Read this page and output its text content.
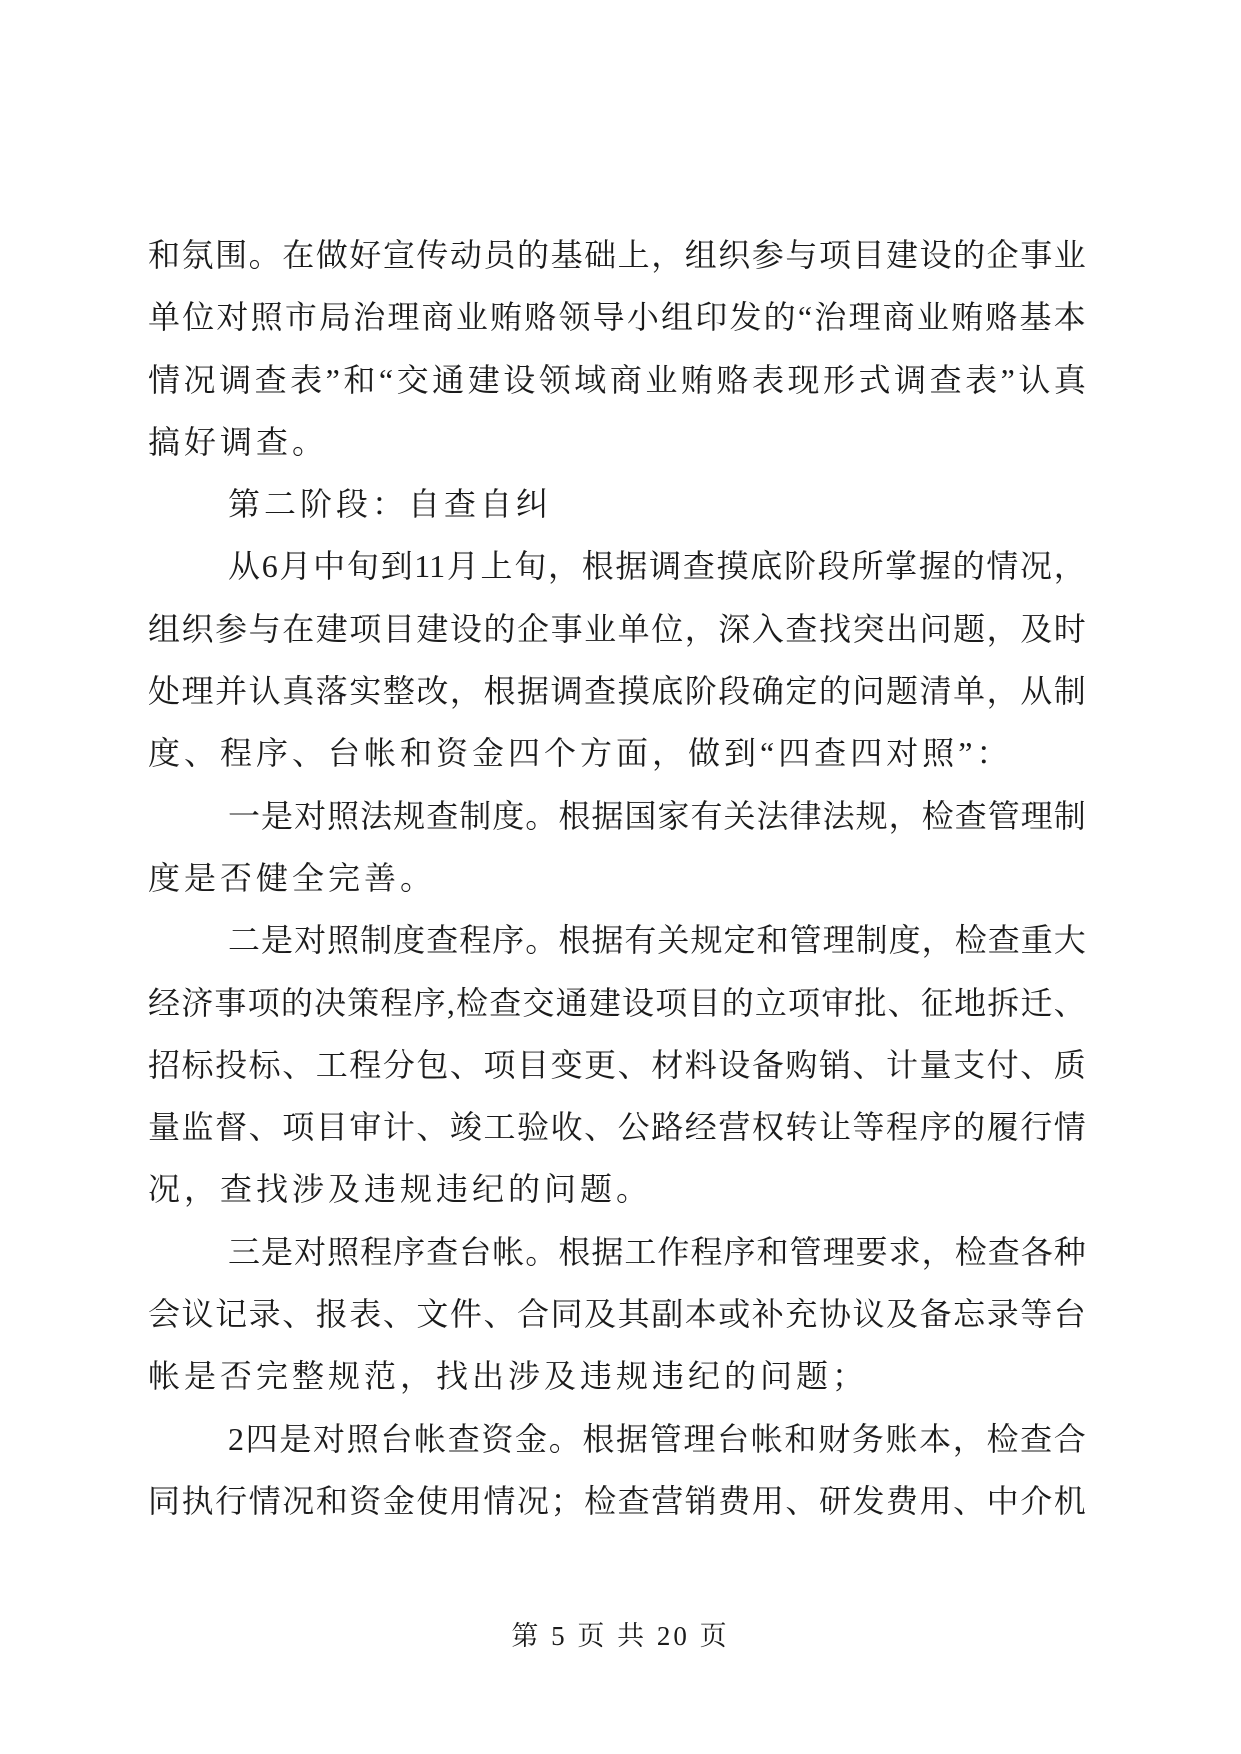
和 氛 围 。 在 做 好 宣 传 动 员 的 基 础 上 ， 组 织 参 与 项 目 建 设 的 企 事 业
单 位 对 照 市 局 治 理 商 业 贿 赂 领 导 小 组 印 发 的 “ 治 理 商 业 贿 赂 基 本
情 况 调 查 表 ” 和 “ 交 通 建 设 领 域 商 业 贿 赂 表 现 形 式 调 查 表 ” 认 真
搞好调查。
第二阶段：自查自纠
从 6 月 中 旬 到 11 月 上 旬 ， 根 据 调 查 摸 底 阶 段 所 掌 握 的 情 况 ，
组 织 参 与 在 建 项 目 建 设 的 企 事 业 单 位 ， 深 入 查 找 突 出 问 题 ， 及 时
处 理 并 认 真 落 实 整 改 ， 根 据 调 查 摸 底 阶 段 确 定 的 问 题 清 单 ， 从 制
度、程序、台帐和资金四个方面，做到“四查四对照”：
一 是 对 照 法 规 查 制 度 。 根 据 国 家 有 关 法 律 法 规 ， 检 查 管 理 制
度是否健全完善。
二 是 对 照 制 度 查 程 序 。 根 据 有 关 规 定 和 管 理 制 度 ， 检 查 重 大
经 济 事 项 的 决 策 程 序 , 检 查 交 通 建 设 项 目 的 立 项 审 批 、 征 地 拆 迁 、
招 标 投 标 、 工 程 分 包 、 项 目 变 更 、 材 料 设 备 购 销 、 计 量 支 付 、 质
量 监 督 、 项 目 审 计 、 竣 工 验 收 、 公 路 经 营 权 转 让 等 程 序 的 履 行 情
况，查找涉及违规违纪的问题。
三 是 对 照 程 序 查 台 帐 。 根 据 工 作 程 序 和 管 理 要 求 ， 检 查 各 种
会 议 记 录 、 报 表 、 文 件 、 合 同 及 其 副 本 或 补 充 协 议 及 备 忘 录 等 台
帐是否完整规范，找出涉及违规违纪的问题；
2 四 是 对 照 台 帐 查 资 金 。 根 据 管 理 台 帐 和 财 务 账 本 ， 检 查 合
同 执 行 情 况 和 资 金 使 用 情 况 ； 检 查 营 销 费 用 、 研 发 费 用 、 中 介 机
第 5 页 共 20 页
